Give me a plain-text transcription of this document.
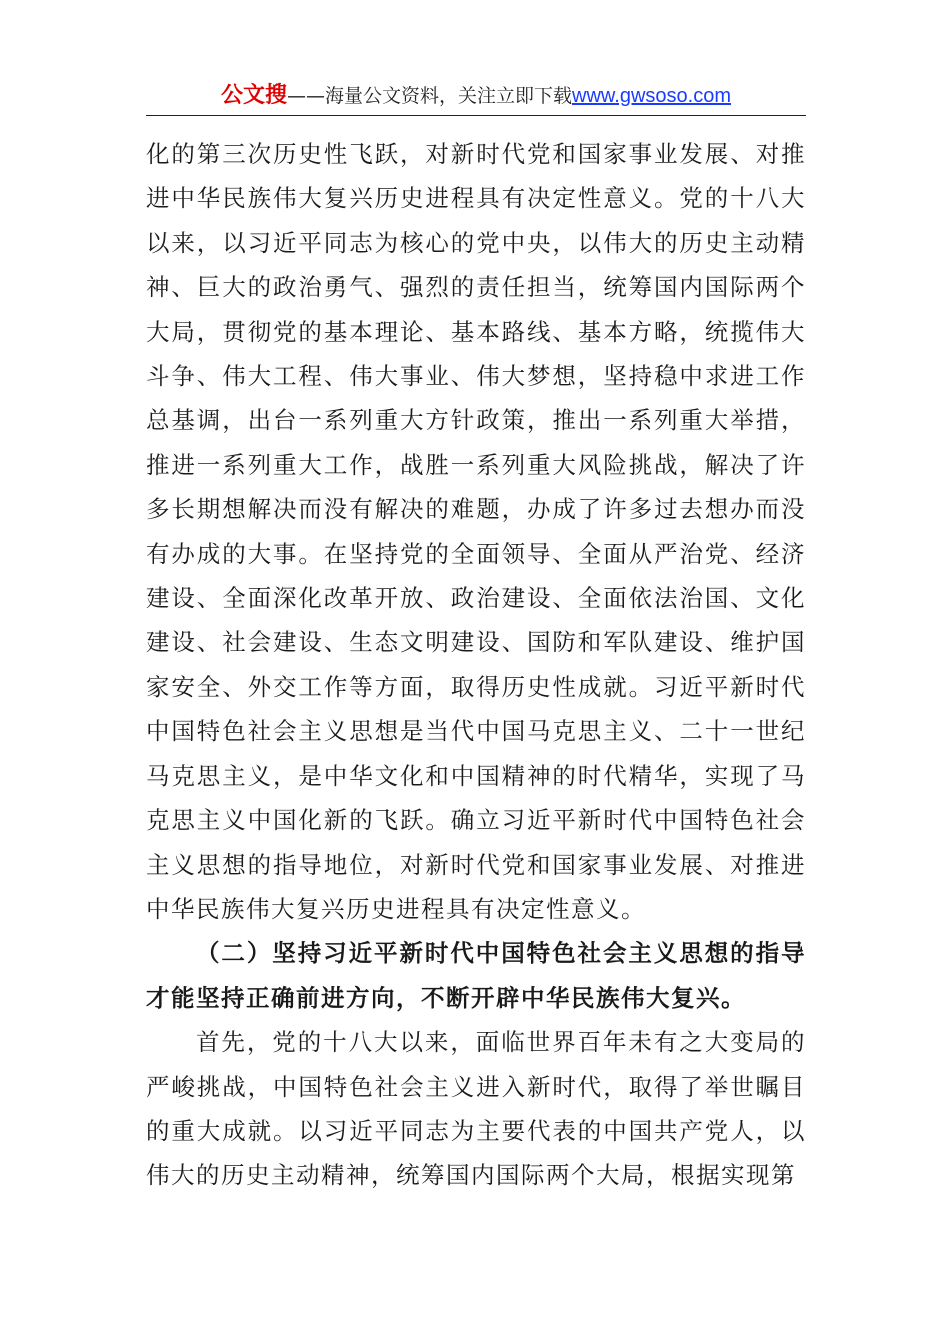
公文搜——海量公文资料，关注立即下载www.gwsoso.com

化的第三次历史性飞跃，对新时代党和国家事业发展、对推进中华民族伟大复兴历史进程具有决定性意义。党的十八大以来，以习近平同志为核心的党中央，以伟大的历史主动精神、巨大的政治勇气、强烈的责任担当，统筹国内国际两个大局，贯彻党的基本理论、基本路线、基本方略，统揽伟大斗争、伟大工程、伟大事业、伟大梦想，坚持稳中求进工作总基调，出台一系列重大方针政策，推出一系列重大举措，推进一系列重大工作，战胜一系列重大风险挑战，解决了许多长期想解决而没有解决的难题，办成了许多过去想办而没有办成的大事。在坚持党的全面领导、全面从严治党、经济建设、全面深化改革开放、政治建设、全面依法治国、文化建设、社会建设、生态文明建设、国防和军队建设、维护国家安全、外交工作等方面，取得历史性成就。习近平新时代中国特色社会主义思想是当代中国马克思主义、二十一世纪马克思主义，是中华文化和中国精神的时代精华，实现了马克思主义中国化新的飞跃。确立习近平新时代中国特色社会主义思想的指导地位，对新时代党和国家事业发展、对推进中华民族伟大复兴历史进程具有决定性意义。

（二）坚持习近平新时代中国特色社会主义思想的指导才能坚持正确前进方向，不断开辟中华民族伟大复兴。

首先，党的十八大以来，面临世界百年未有之大变局的严峻挑战，中国特色社会主义进入新时代，取得了举世瞩目的重大成就。以习近平同志为主要代表的中国共产党人，以伟大的历史主动精神，统筹国内国际两个大局，根据实现第
